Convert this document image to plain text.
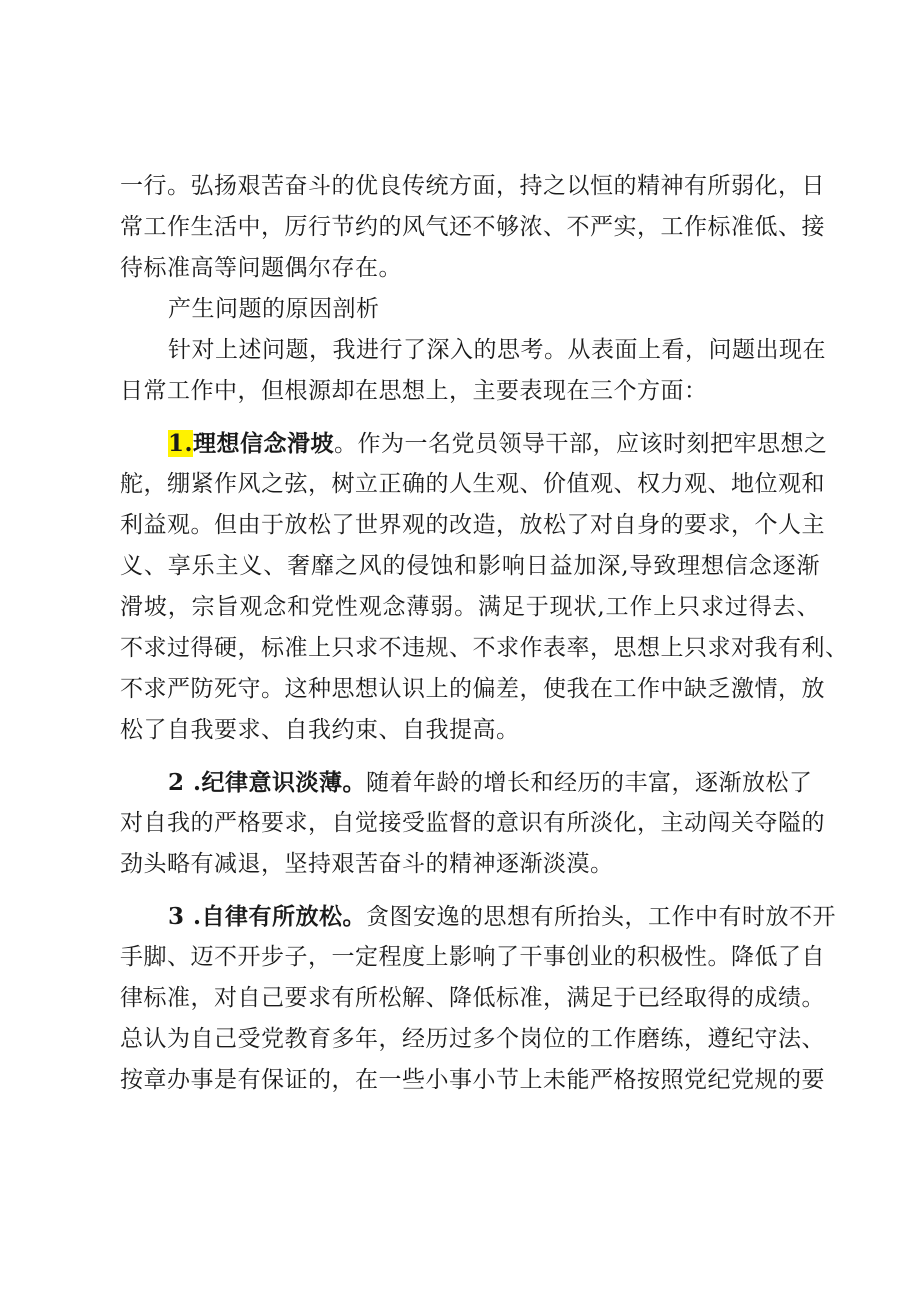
一行。弘扬艰苦奋斗的优良传统方面，持之以恒的精神有所弱化，日
常工作生活中，厉行节约的风气还不够浓、不严实，工作标准低、接
待标准高等问题偶尔存在。
产生问题的原因剖析
针对上述问题，我进行了深入的思考。从表面上看，问题出现在
日常工作中，但根源却在思想上，主要表现在三个方面：
1.理想信念滑坡。作为一名党员领导干部，应该时刻把牢思想之
舵，绷紧作风之弦，树立正确的人生观、价值观、权力观、地位观和
利益观。但由于放松了世界观的改造，放松了对自身的要求，个人主
义、享乐主义、奢靡之风的侵蚀和影响日益加深,导致理想信念逐渐
滑坡，宗旨观念和党性观念薄弱。满足于现状,工作上只求过得去、
不求过得硬，标准上只求不违规、不求作表率，思想上只求对我有利、
不求严防死守。这种思想认识上的偏差，使我在工作中缺乏激情，放
松了自我要求、自我约束、自我提高。
2 .纪律意识淡薄。随着年龄的增长和经历的丰富，逐渐放松了
对自我的严格要求，自觉接受监督的意识有所淡化，主动闯关夺隘的
劲头略有减退，坚持艰苦奋斗的精神逐渐淡漠。
3 .自律有所放松。贪图安逸的思想有所抬头，工作中有时放不开
手脚、迈不开步子，一定程度上影响了干事创业的积极性。降低了自
律标准，对自己要求有所松解、降低标准，满足于已经取得的成绩。
总认为自己受党教育多年，经历过多个岗位的工作磨练，遵纪守法、
按章办事是有保证的，在一些小事小节上未能严格按照党纪党规的要
